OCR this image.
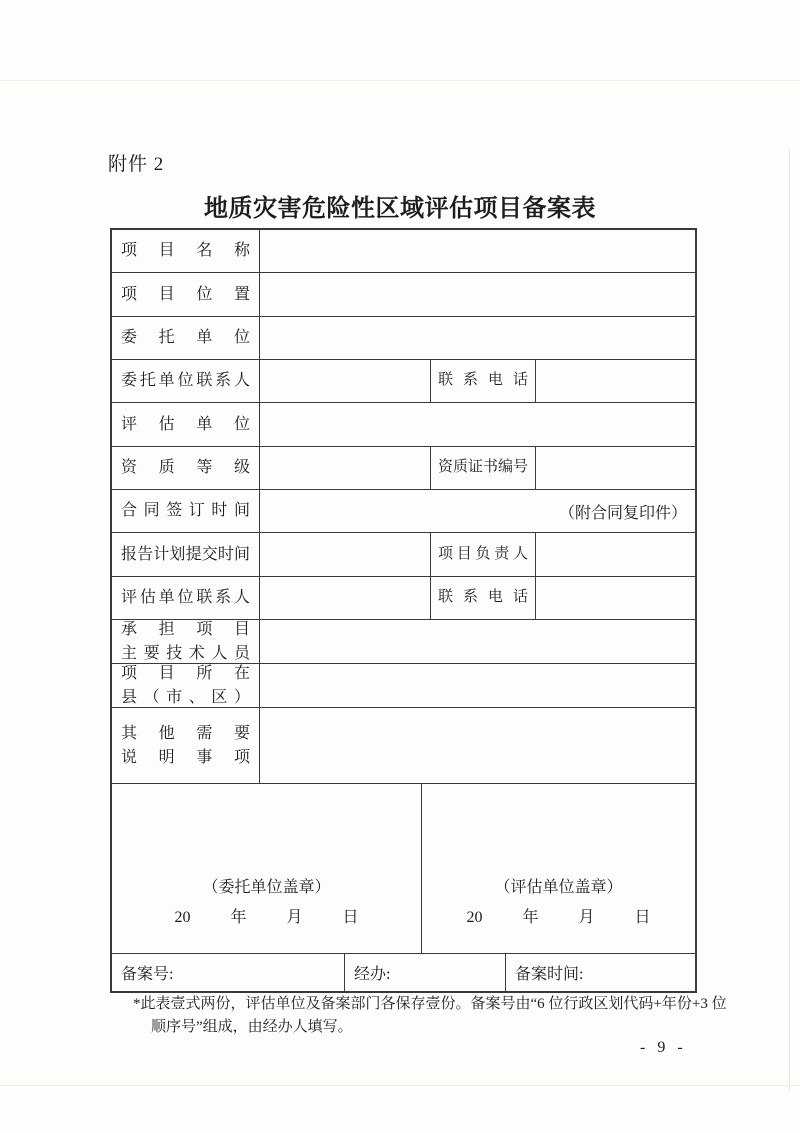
附件 2
地质灾害危险性区域评估项目备案表
项目名称
项目位置
委托单位
委托单位联系人	联系电话
评估单位
资质等级	资质证书编号
合同签订时间	（附合同复印件）
报告计划提交时间	项目负责人
评估单位联系人	联系电话
承担项目
主要技术人员
项目所在
县（市、区）
其他需要
说明事项
（委托单位盖章）
20 年 月 日
（评估单位盖章）
20 年 月 日
备案号:	经办:	备案时间:
*此表壹式两份，评估单位及备案部门各保存壹份。备案号由“6 位行政区划代码+年份+3 位
顺序号”组成，由经办人填写。
- 9 -
